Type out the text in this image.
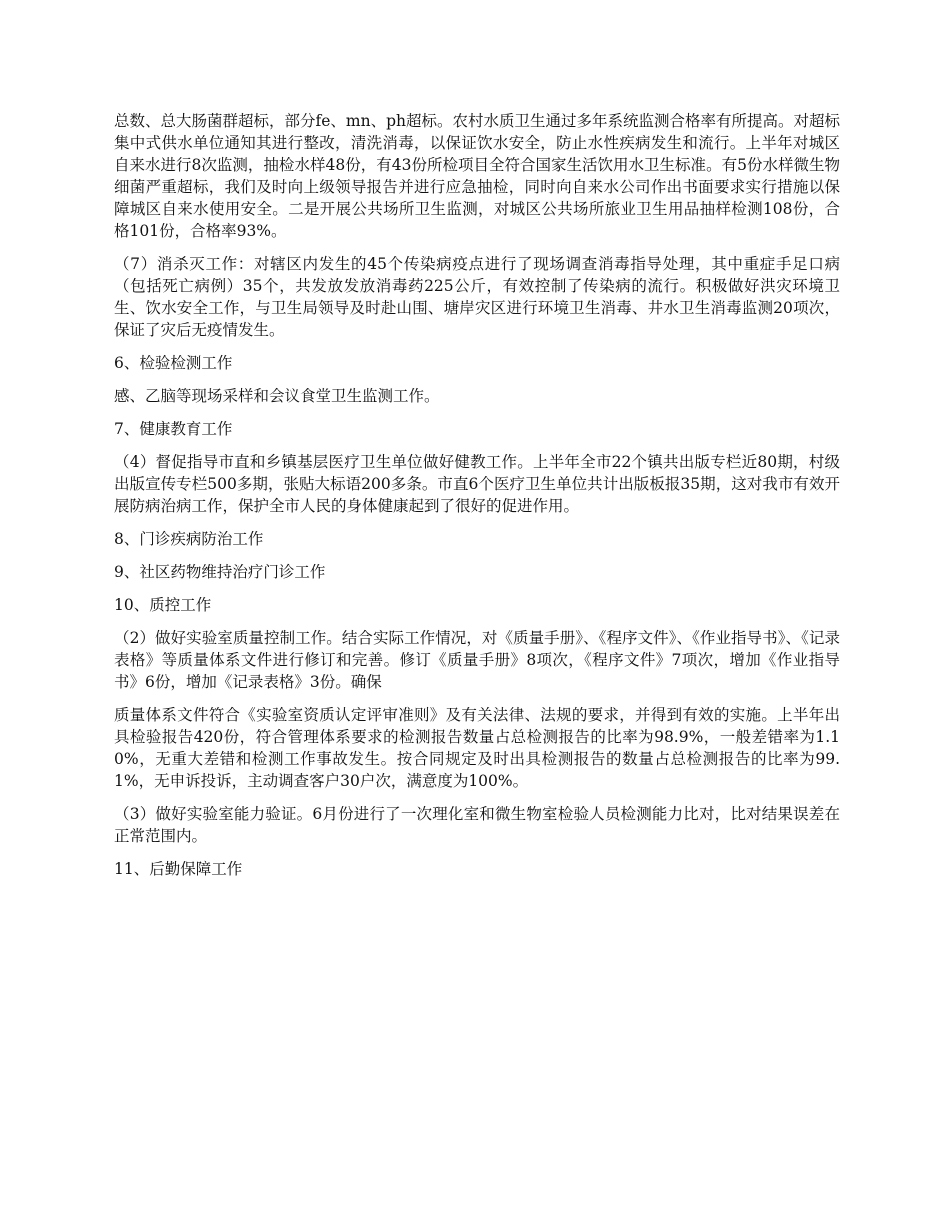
总数、总大肠菌群超标，部分fe、mn、ph超标。农村水质卫生通过多年系统监测合格率有所提高。对超标集中式供水单位通知其进行整改，清洗消毒，以保证饮水安全，防止水性疾病发生和流行。上半年对城区自来水进行8次监测，抽检水样48份，有43份所检项目全符合国家生活饮用水卫生标准。有5份水样微生物细菌严重超标，我们及时向上级领导报告并进行应急抽检，同时向自来水公司作出书面要求实行措施以保障城区自来水使用安全。二是开展公共场所卫生监测，对城区公共场所旅业卫生用品抽样检测108份，合格101份，合格率93%。

（7）消杀灭工作：对辖区内发生的45个传染病疫点进行了现场调查消毒指导处理，其中重症手足口病（包括死亡病例）35个，共发放发放消毒药225公斤，有效控制了传染病的流行。积极做好洪灾环境卫生、饮水安全工作，与卫生局领导及时赴山围、塘岸灾区进行环境卫生消毒、井水卫生消毒监测20项次，保证了灾后无疫情发生。

6、检验检测工作

感、乙脑等现场采样和会议食堂卫生监测工作。

7、健康教育工作

（4）督促指导市直和乡镇基层医疗卫生单位做好健教工作。上半年全市22个镇共出版专栏近80期，村级出版宣传专栏500多期，张贴大标语200多条。市直6个医疗卫生单位共计出版板报35期，这对我市有效开展防病治病工作，保护全市人民的身体健康起到了很好的促进作用。

8、门诊疾病防治工作

9、社区药物维持治疗门诊工作

10、质控工作

（2）做好实验室质量控制工作。结合实际工作情况，对《质量手册》、《程序文件》、《作业指导书》、《记录表格》等质量体系文件进行修订和完善。修订《质量手册》8项次，《程序文件》7项次，增加《作业指导书》6份，增加《记录表格》3份。确保

质量体系文件符合《实验室资质认定评审准则》及有关法律、法规的要求，并得到有效的实施。上半年出具检验报告420份，符合管理体系要求的检测报告数量占总检测报告的比率为98.9%，一般差错率为1.10%，无重大差错和检测工作事故发生。按合同规定及时出具检测报告的数量占总检测报告的比率为99.1%，无申诉投诉，主动调查客户30户次，满意度为100%。

（3）做好实验室能力验证。6月份进行了一次理化室和微生物室检验人员检测能力比对，比对结果误差在正常范围内。

11、后勤保障工作
